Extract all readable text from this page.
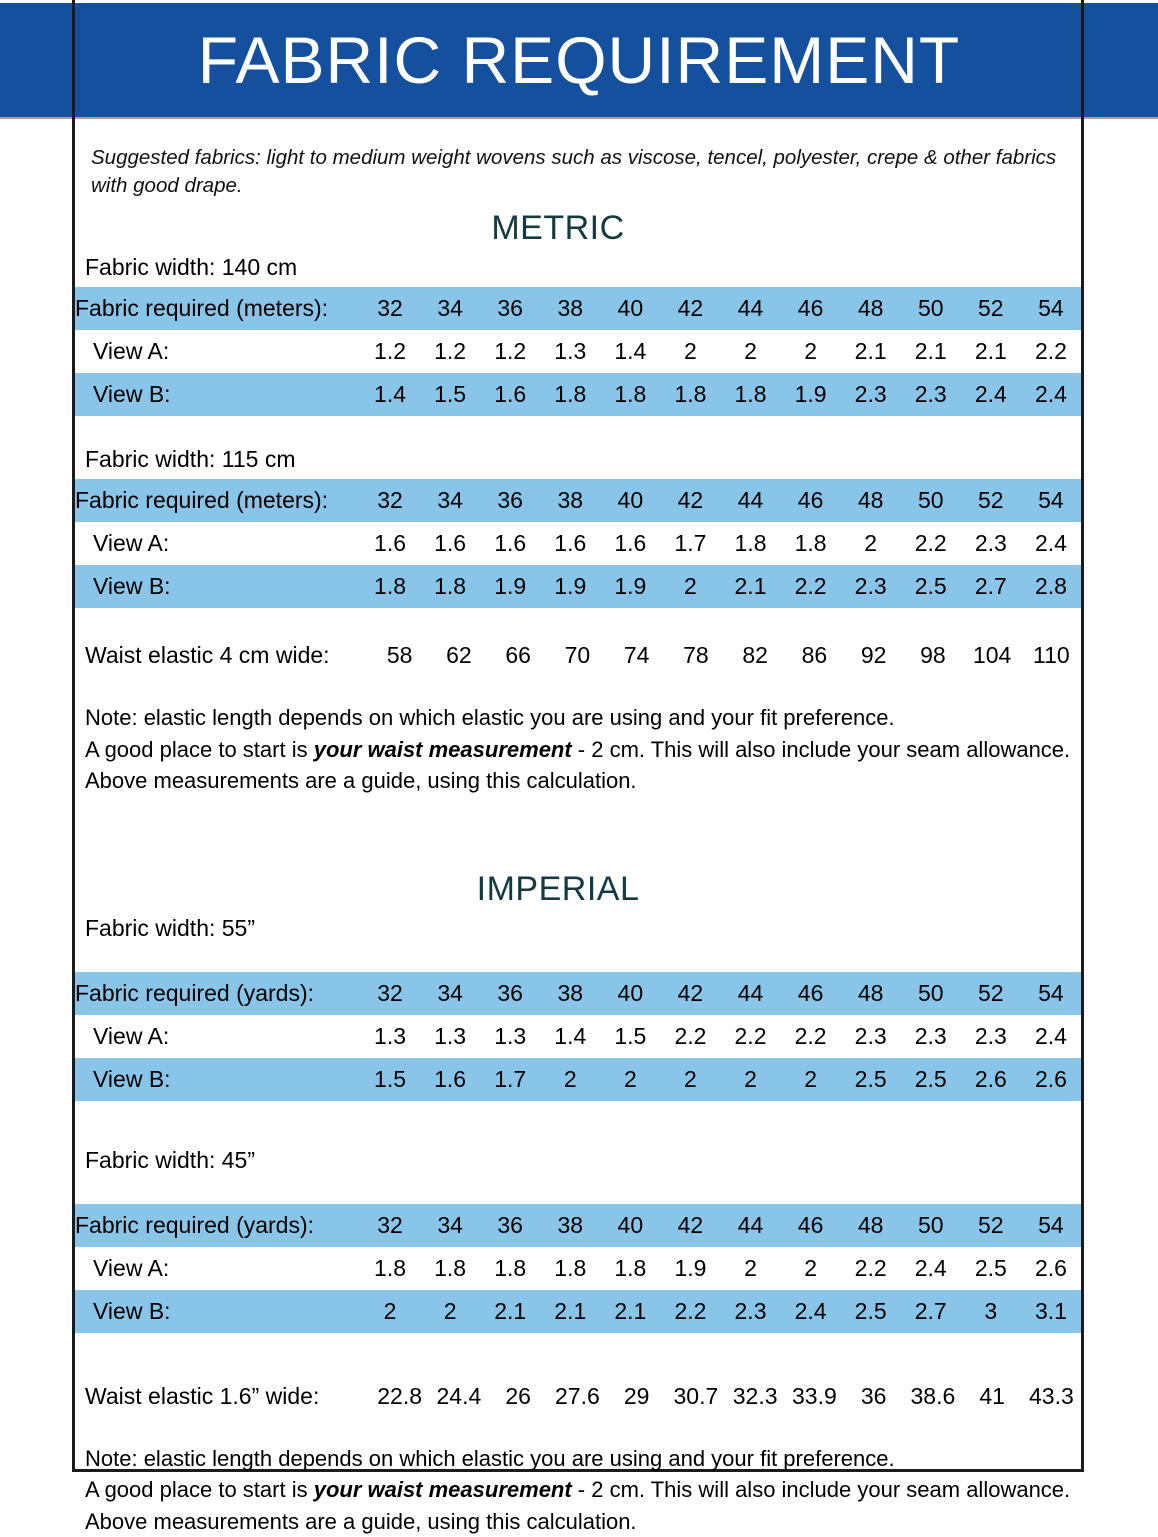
FABRIC REQUIREMENT
Suggested fabrics: light to medium weight wovens such as viscose, tencel, polyester, crepe & other fabrics with good drape.
METRIC
Fabric width: 140 cm
Fabric required (meters):	32	34	36	38	40	42	44	46	48	50	52	54
View A:	1.2	1.2	1.2	1.3	1.4	2	2	2	2.1	2.1	2.1	2.2
View B:	1.4	1.5	1.6	1.8	1.8	1.8	1.8	1.9	2.3	2.3	2.4	2.4
Fabric width: 115 cm
Fabric required (meters):	32	34	36	38	40	42	44	46	48	50	52	54
View A:	1.6	1.6	1.6	1.6	1.6	1.7	1.8	1.8	2	2.2	2.3	2.4
View B:	1.8	1.8	1.9	1.9	1.9	2	2.1	2.2	2.3	2.5	2.7	2.8
Waist elastic 4 cm wide:	58	62	66	70	74	78	82	86	92	98	104	110
Note: elastic length depends on which elastic you are using and your fit preference.
A good place to start is your waist measurement - 2 cm. This will also include your seam allowance.
Above measurements are a guide, using this calculation.
IMPERIAL
Fabric width: 55”
Fabric required (yards):	32	34	36	38	40	42	44	46	48	50	52	54
View A:	1.3	1.3	1.3	1.4	1.5	2.2	2.2	2.2	2.3	2.3	2.3	2.4
View B:	1.5	1.6	1.7	2	2	2	2	2	2.5	2.5	2.6	2.6
Fabric width: 45”
Fabric required (yards):	32	34	36	38	40	42	44	46	48	50	52	54
View A:	1.8	1.8	1.8	1.8	1.8	1.9	2	2	2.2	2.4	2.5	2.6
View B:	2	2	2.1	2.1	2.1	2.2	2.3	2.4	2.5	2.7	3	3.1
Waist elastic 1.6” wide:	22.8	24.4	26	27.6	29	30.7	32.3	33.9	36	38.6	41	43.3
Note: elastic length depends on which elastic you are using and your fit preference.
A good place to start is your waist measurement - 2 cm. This will also include your seam allowance.
Above measurements are a guide, using this calculation.
